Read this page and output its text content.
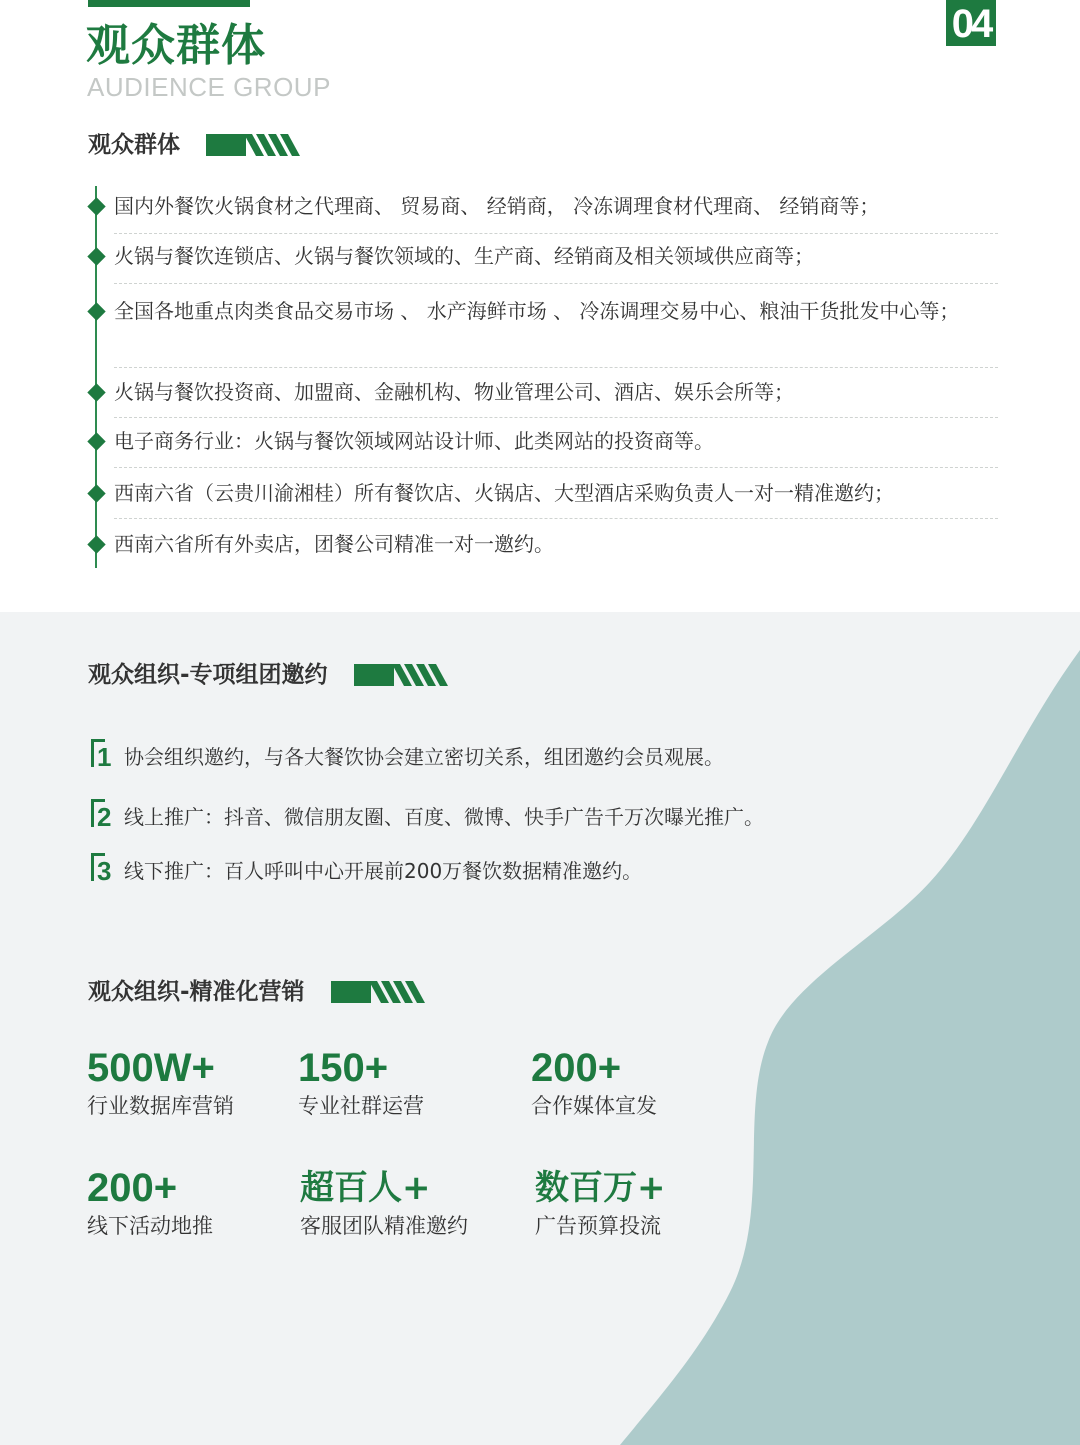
观众群体
AUDIENCE GROUP
04
观众群体
国内外餐饮火锅食材之代理商、 贸易商、 经销商， 冷冻调理食材代理商、 经销商等；
火锅与餐饮连锁店、火锅与餐饮领域的、生产商、经销商及相关领域供应商等；
全国各地重点肉类食品交易市场 、 水产海鲜市场 、 冷冻调理交易中心、粮油干货批发中心等；
火锅与餐饮投资商、加盟商、金融机构、物业管理公司、酒店、娱乐会所等；
电子商务行业：火锅与餐饮领域网站设计师、此类网站的投资商等。
西南六省（云贵川渝湘桂）所有餐饮店、火锅店、大型酒店采购负责人一对一精准邀约；
西南六省所有外卖店，团餐公司精准一对一邀约。
观众组织-专项组团邀约
1 协会组织邀约，与各大餐饮协会建立密切关系，组团邀约会员观展。
2 线上推广：抖音、微信朋友圈、百度、微博、快手广告千万次曝光推广。
3 线下推广：百人呼叫中心开展前200万餐饮数据精准邀约。
观众组织-精准化营销
500W+
行业数据库营销
150+
专业社群运营
200+
合作媒体宣发
200+
线下活动地推
超百人+
客服团队精准邀约
数百万+
广告预算投流
